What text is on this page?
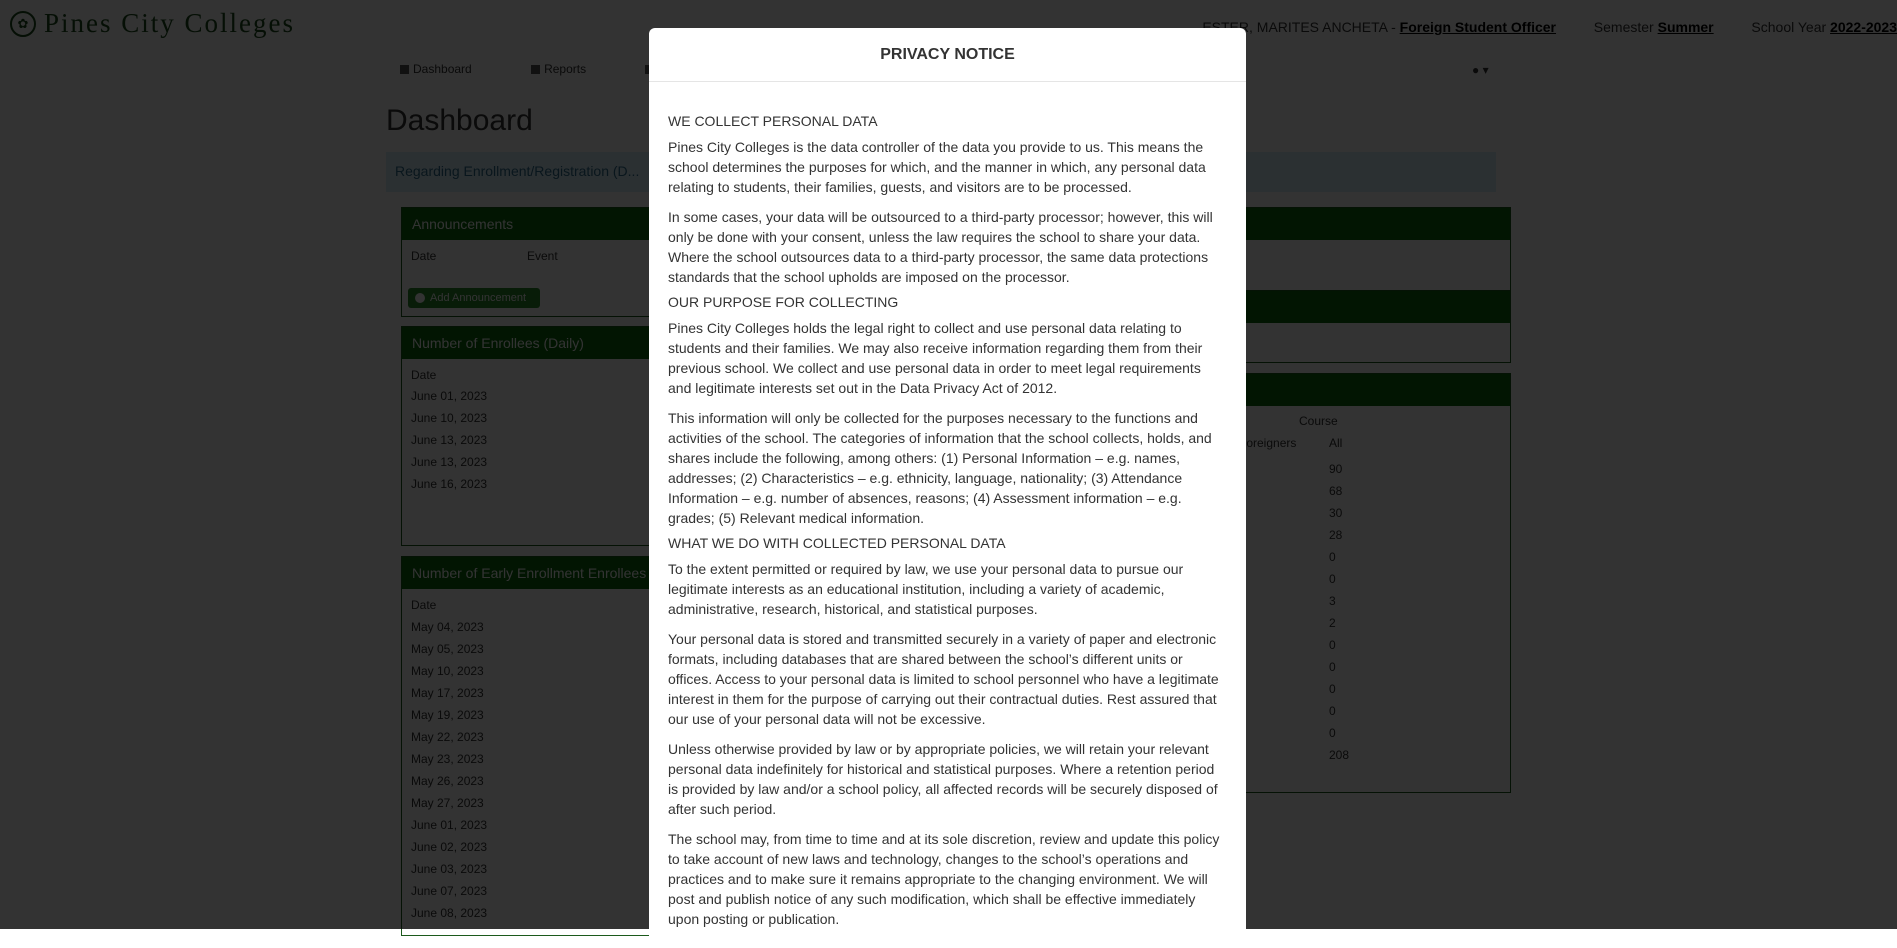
PRIVACY NOTICE
WE COLLECT PERSONAL DATA

Pines City Colleges is the data controller of the data you provide to us. This means the school determines the purposes for which, and the manner in which, any personal data relating to students, their families, guests, and visitors are to be processed.

In some cases, your data will be outsourced to a third-party processor; however, this will only be done with your consent, unless the law requires the school to share your data. Where the school outsources data to a third-party processor, the same data protections standards that the school upholds are imposed on the processor.

OUR PURPOSE FOR COLLECTING

Pines City Colleges holds the legal right to collect and use personal data relating to students and their families. We may also receive information regarding them from their previous school. We collect and use personal data in order to meet legal requirements and legitimate interests set out in the Data Privacy Act of 2012.

This information will only be collected for the purposes necessary to the functions and activities of the school. The categories of information that the school collects, holds, and shares include the following, among others: (1) Personal Information – e.g. names, addresses; (2) Characteristics – e.g. ethnicity, language, nationality; (3) Attendance Information – e.g. number of absences, reasons; (4) Assessment information – e.g. grades; (5) Relevant medical information.

WHAT WE DO WITH COLLECTED PERSONAL DATA

To the extent permitted or required by law, we use your personal data to pursue our legitimate interests as an educational institution, including a variety of academic, administrative, research, historical, and statistical purposes.

Your personal data is stored and transmitted securely in a variety of paper and electronic formats, including databases that are shared between the school’s different units or offices. Access to your personal data is limited to school personnel who have a legitimate interest in them for the purpose of carrying out their contractual duties. Rest assured that our use of your personal data will not be excessive.

Unless otherwise provided by law or by appropriate policies, we will retain your relevant personal data indefinitely for historical and statistical purposes. Where a retention period is provided by law and/or a school policy, all affected records will be securely disposed of after such period.

The school may, from time to time and at its sole discretion, review and update this policy to take account of new laws and technology, changes to the school’s operations and practices and to make sure it remains appropriate to the changing environment. We will post and publish notice of any such modification, which shall be effective immediately upon posting or publication.
